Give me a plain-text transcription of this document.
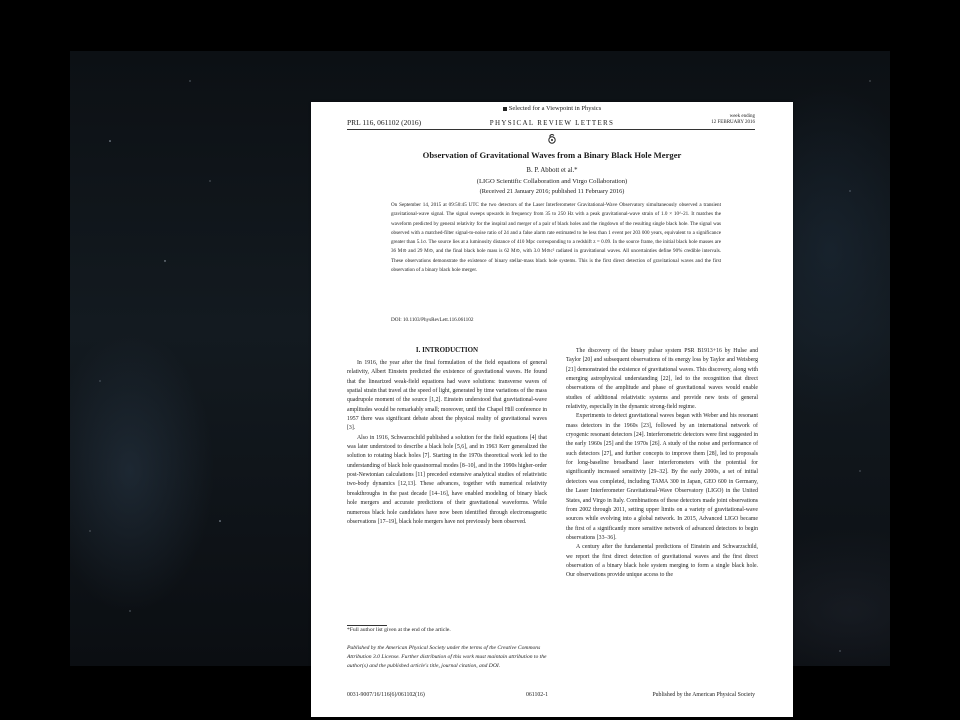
Selected for a Viewpoint in Physics
PRL 116, 061102 (2016)	PHYSICAL REVIEW LETTERS
week ending
12 FEBRUARY 2016
Observation of Gravitational Waves from a Binary Black Hole Merger
B. P. Abbott et al.*
(LIGO Scientific Collaboration and Virgo Collaboration)
(Received 21 January 2016; published 11 February 2016)
On September 14, 2015 at 09:50:45 UTC the two detectors of the Laser Interferometer Gravitational-Wave Observatory simultaneously observed a transient gravitational-wave signal. The signal sweeps upwards in frequency from 35 to 250 Hz with a peak gravitational-wave strain of 1.0 × 10^-21. It matches the waveform predicted by general relativity for the inspiral and merger of a pair of black holes and the ringdown of the resulting single black hole. The signal was observed with a matched-filter signal-to-noise ratio of 24 and a false alarm rate estimated to be less than 1 event per 203 000 years, equivalent to a significance greater than 5.1σ. The source lies at a luminosity distance of 410 Mpc corresponding to a redshift z = 0.09. In the source frame, the initial black hole masses are 36 M⊙ and 29 M⊙, and the final black hole mass is 62 M⊙, with 3.0 M⊙c² radiated in gravitational waves. All uncertainties define 90% credible intervals. These observations demonstrate the existence of binary stellar-mass black hole systems. This is the first direct detection of gravitational waves and the first observation of a binary black hole merger.
DOI: 10.1103/PhysRevLett.116.061102
I. INTRODUCTION

In 1916, the year after the final formulation of the field equations of general relativity, Albert Einstein predicted the existence of gravitational waves. He found that the linearized weak-field equations had wave solutions: transverse waves of spatial strain that travel at the speed of light, generated by time variations of the mass quadrupole moment of the source [1,2]. Einstein understood that gravitational-wave amplitudes would be remarkably small; moreover, until the Chapel Hill conference in 1957 there was significant debate about the physical reality of gravitational waves [3].

Also in 1916, Schwarzschild published a solution for the field equations [4] that was later understood to describe a black hole [5,6], and in 1963 Kerr generalized the solution to rotating black holes [7]. Starting in the 1970s theoretical work led to the understanding of black hole quasinormal modes [8–10], and in the 1990s higher-order post-Newtonian calculations [11] preceded extensive analytical studies of relativistic two-body dynamics [12,13]. These advances, together with numerical relativity breakthroughs in the past decade [14–16], have enabled modeling of binary black hole mergers and accurate predictions of their gravitational waveforms. While numerous black hole candidates have now been identified through electromagnetic observations [17–19], black hole mergers have not previously been observed.

The discovery of the binary pulsar system PSR B1913+16 by Hulse and Taylor [20] and subsequent observations of its energy loss by Taylor and Weisberg [21] demonstrated the existence of gravitational waves. This discovery, along with emerging astrophysical understanding [22], led to the recognition that direct observations of the amplitude and phase of gravitational waves would enable studies of additional relativistic systems and provide new tests of general relativity, especially in the dynamic strong-field regime.

Experiments to detect gravitational waves began with Weber and his resonant mass detectors in the 1960s [23], followed by an international network of cryogenic resonant detectors [24]. Interferometric detectors were first suggested in the early 1960s [25] and the 1970s [26]. A study of the noise and performance of such detectors [27], and further concepts to improve them [28], led to proposals for long-baseline broadband laser interferometers with the potential for significantly increased sensitivity [29–32]. By the early 2000s, a set of initial detectors was completed, including TAMA 300 in Japan, GEO 600 in Germany, the Laser Interferometer Gravitational-Wave Observatory (LIGO) in the United States, and Virgo in Italy. Combinations of these detectors made joint observations from 2002 through 2011, setting upper limits on a variety of gravitational-wave sources while evolving into a global network. In 2015, Advanced LIGO became the first of a significantly more sensitive network of advanced detectors to begin observations [33–36].

A century after the fundamental predictions of Einstein and Schwarzschild, we report the first direct detection of gravitational waves and the first direct observation of a binary black hole system merging to form a single black hole. Our observations provide unique access to the

*Full author list given at the end of the article.
Published by the American Physical Society under the terms of the Creative Commons Attribution 3.0 License. Further distribution of this work must maintain attribution to the author(s) and the published article's title, journal citation, and DOI.
0031-9007/16/116(6)/061102(16)	061102-1	Published by the American Physical Society
